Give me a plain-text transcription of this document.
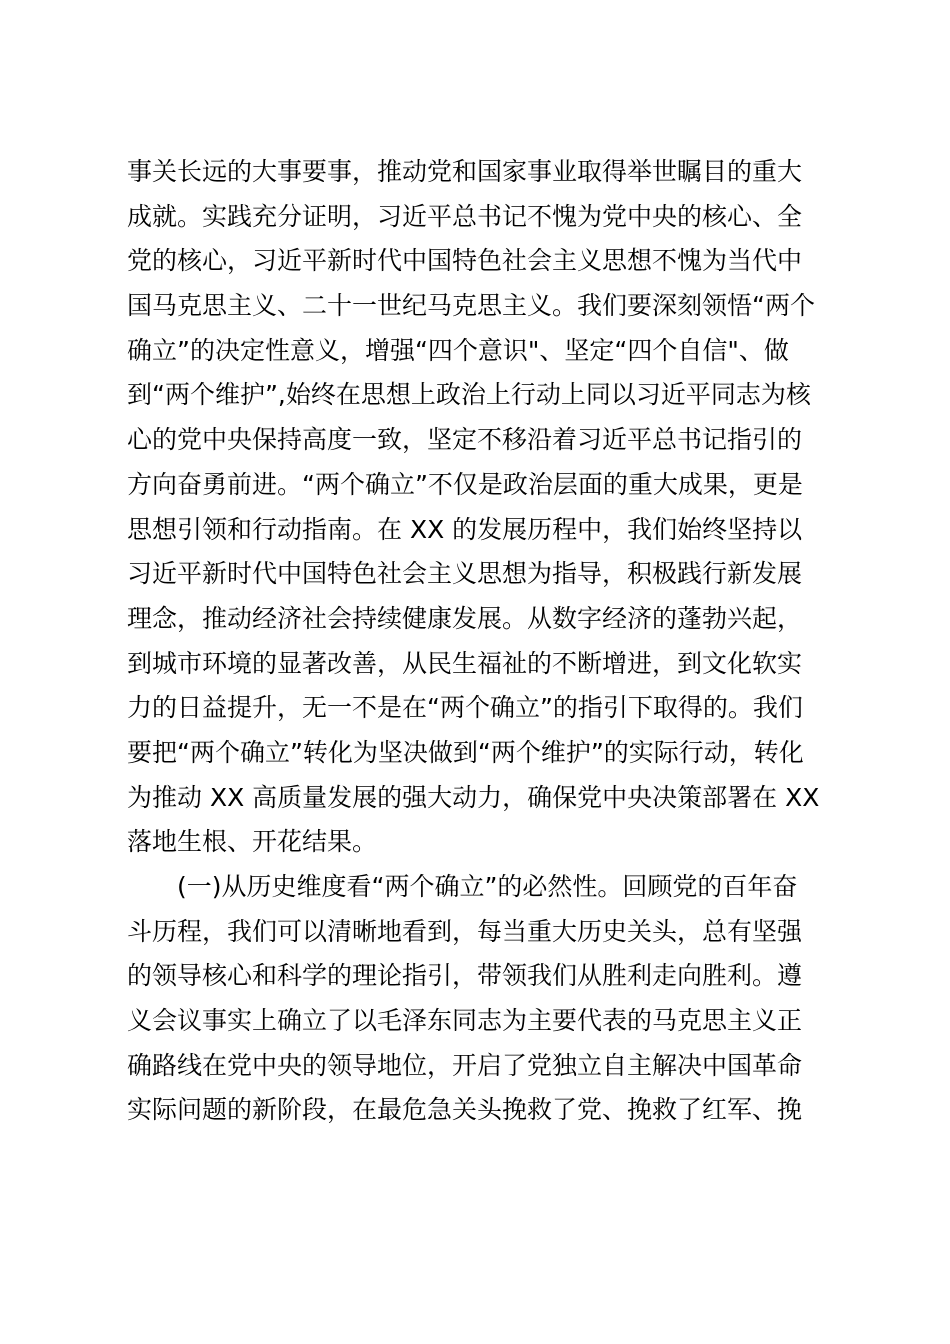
事关长远的大事要事，推动党和国家事业取得举世瞩目的重大
成就。实践充分证明，习近平总书记不愧为党中央的核心、全
党的核心，习近平新时代中国特色社会主义思想不愧为当代中
国马克思主义、二十一世纪马克思主义。我们要深刻领悟“两个
确立”的决定性意义，增强“四个意识"、坚定“四个自信"、做
到“两个维护”,始终在思想上政治上行动上同以习近平同志为核
心的党中央保持高度一致，坚定不移沿着习近平总书记指引的
方向奋勇前进。“两个确立”不仅是政治层面的重大成果，更是
思想引领和行动指南。在 XX 的发展历程中，我们始终坚持以
习近平新时代中国特色社会主义思想为指导，积极践行新发展
理念，推动经济社会持续健康发展。从数字经济的蓬勃兴起，
到城市环境的显著改善，从民生福祉的不断增进，到文化软实
力的日益提升，无一不是在“两个确立”的指引下取得的。我们
要把“两个确立”转化为坚决做到“两个维护”的实际行动，转化
为推动 XX 高质量发展的强大动力，确保党中央决策部署在 XX
落地生根、开花结果。
(一)从历史维度看“两个确立”的必然性。回顾党的百年奋
斗历程，我们可以清晰地看到，每当重大历史关头，总有坚强
的领导核心和科学的理论指引，带领我们从胜利走向胜利。遵
义会议事实上确立了以毛泽东同志为主要代表的马克思主义正
确路线在党中央的领导地位，开启了党独立自主解决中国革命
实际问题的新阶段，在最危急关头挽救了党、挽救了红军、挽
